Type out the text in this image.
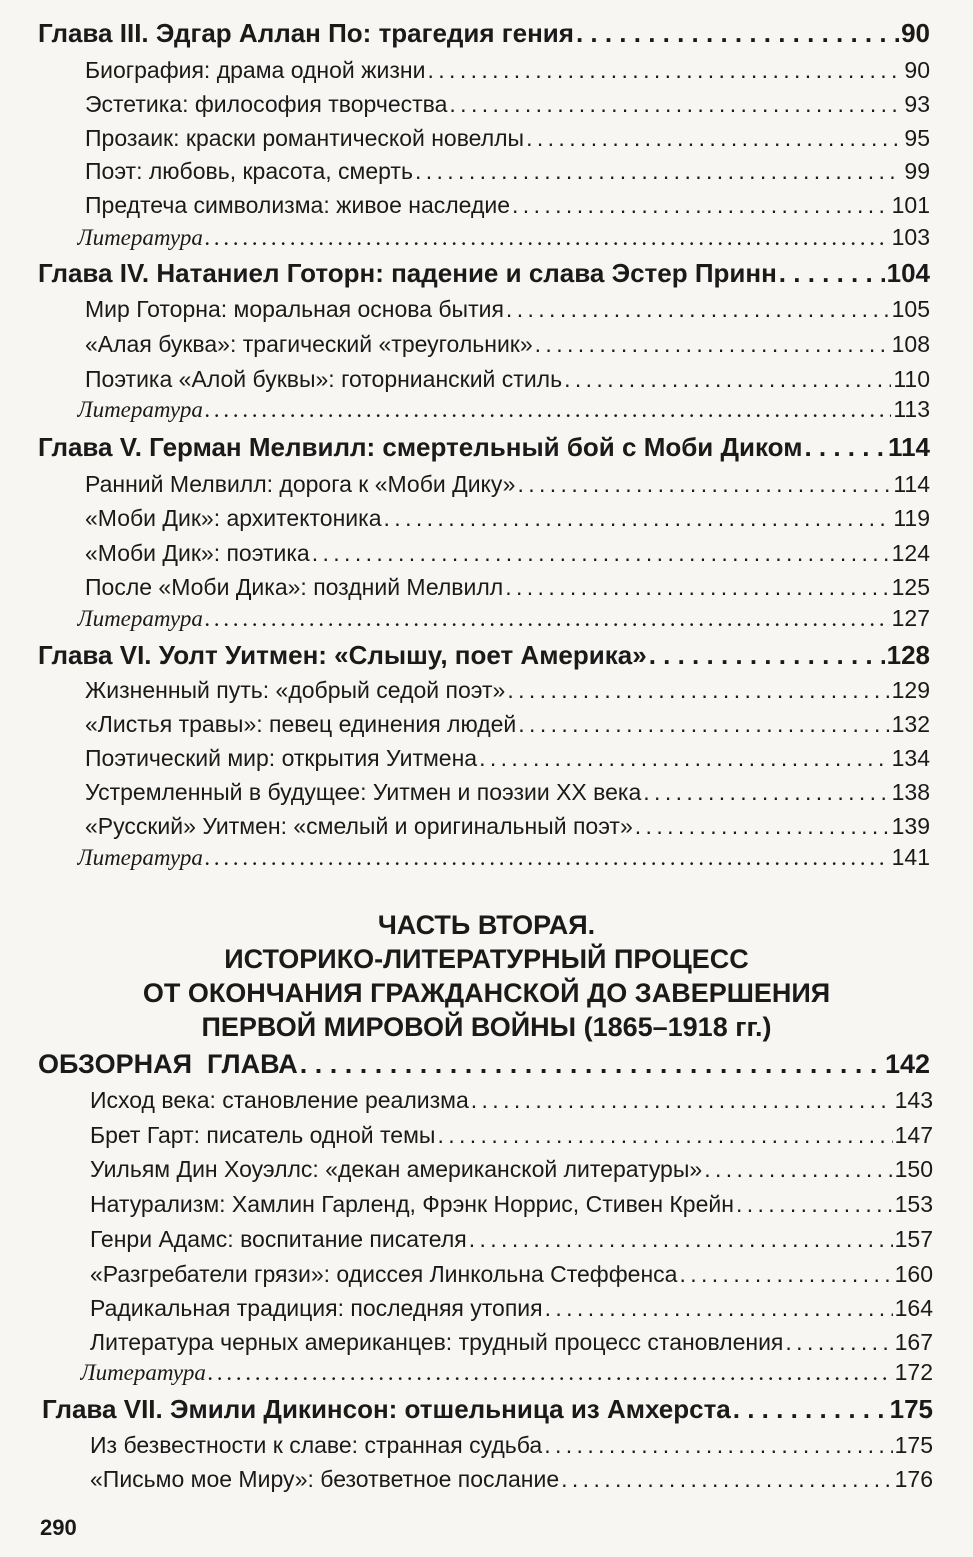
Глава III. Эдгар Аллан По: трагедия гения . . .	90
Биография: драма одной жизни . . .	90
Эстетика: философия творчества . . .	93
Прозаик: краски романтической новеллы . . .	95
Поэт: любовь, красота, смерть . . .	99
Предтеча символизма: живое наследие . . .	101
Литература . . .	103
Глава IV. Натаниел Готорн: падение и слава Эстер Принн . . .	104
Мир Готорна: моральная основа бытия . . .	105
«Алая буква»: трагический «треугольник» . . .	108
Поэтика «Алой буквы»: готорнианский стиль . . .	110
Литература . . .	113
Глава V. Герман Мелвилл: смертельный бой с Моби Диком . . .	114
Ранний Мелвилл: дорога к «Моби Дику» . . .	114
«Моби Дик»: архитектоника . . .	119
«Моби Дик»: поэтика . . .	124
После «Моби Дика»: поздний Мелвилл . . .	125
Литература . . .	127
Глава VI. Уолт Уитмен: «Слышу, поет Америка» . . .	128
Жизненный путь: «добрый седой поэт» . . .	129
«Листья травы»: певец единения людей . . .	132
Поэтический мир: открытия Уитмена . . .	134
Устремленный в будущее: Уитмен и поэзии XX века . . .	138
«Русский» Уитмен: «смелый и оригинальный поэт» . . .	139
Литература . . .	141
ЧАСТЬ ВТОРАЯ.
ИСТОРИКО-ЛИТЕРАТУРНЫЙ ПРОЦЕСС
ОТ ОКОНЧАНИЯ ГРАЖДАНСКОЙ ДО ЗАВЕРШЕНИЯ
ПЕРВОЙ МИРОВОЙ ВОЙНЫ (1865–1918 гг.)
ОБЗОРНАЯ  ГЛАВА . . .	142
Исход века: становление реализма . . .	143
Брет Гарт: писатель одной темы . . .	147
Уильям Дин Хоуэллс: «декан американской литературы» . . .	150
Натурализм: Хамлин Гарленд, Фрэнк Норрис, Стивен Крейн . . .	153
Генри Адамс: воспитание писателя . . .	157
«Разгребатели грязи»: одиссея Линкольна Стеффенса . . .	160
Радикальная традиция: последняя утопия . . .	164
Литература черных американцев: трудный процесс становления . . .	167
Литература . . .	172
Глава VII. Эмили Дикинсон: отшельница из Амхерста . . .	175
Из безвестности к славе: странная судьба . . .	175
«Письмо мое Миру»: безответное послание . . .	176
290
